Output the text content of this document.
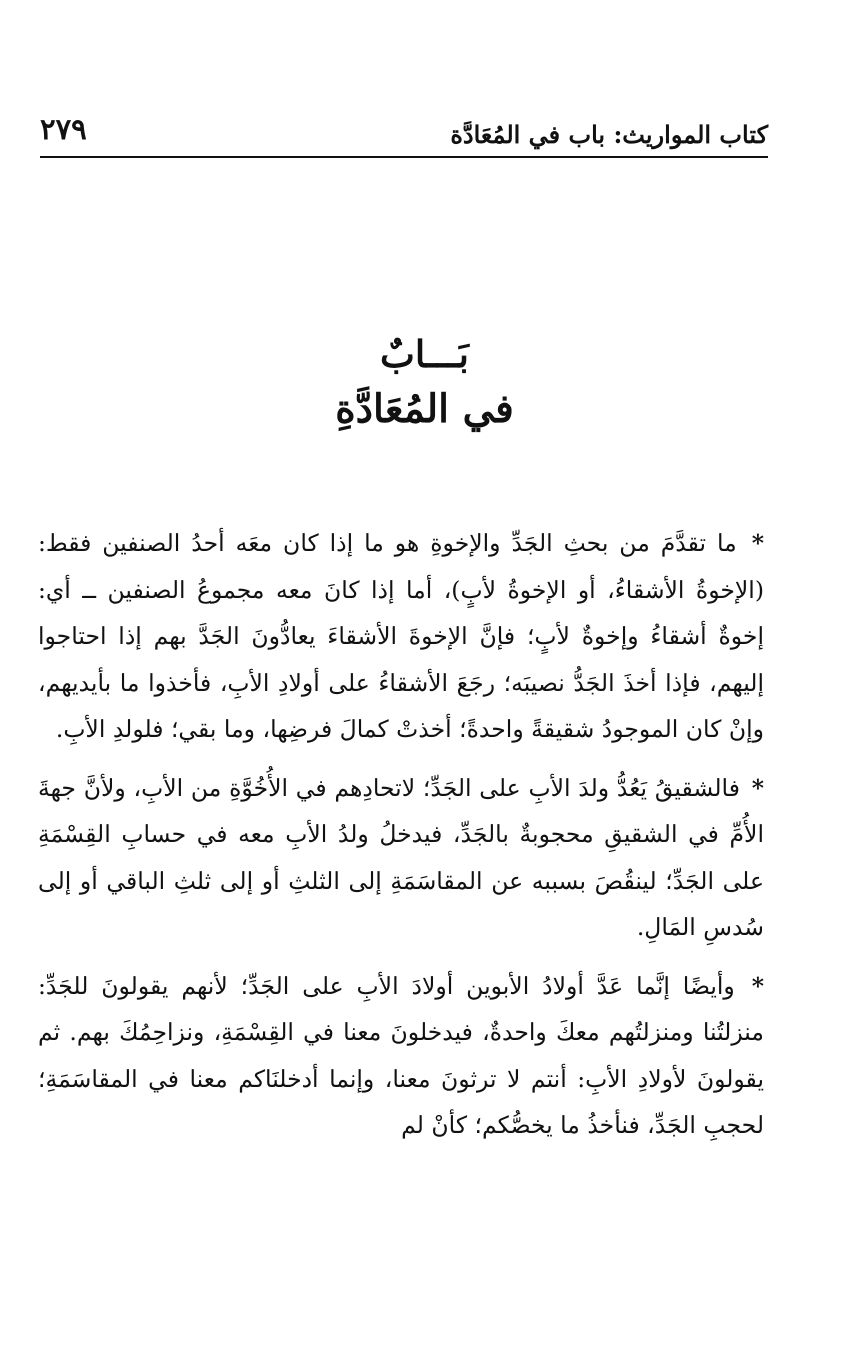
كتاب المواريث: باب في المُعَادَّة
٢٧٩
بَـــابٌ
في المُعَادَّةِ

* ما تقدَّمَ من بحثِ الجَدِّ والإخوةِ هو ما إذا كان معَه أحدُ الصنفين فقط: (الإخوةُ الأشقاءُ، أو الإخوةُ لأبٍ)، أما إذا كانَ معه مجموعُ الصنفين ــ أي: إخوةٌ أشقاءُ وإخوةٌ لأبٍ؛ فإنَّ الإخوةَ الأشقاءَ يعادُّونَ الجَدَّ بهم إذا احتاجوا إليهم، فإذا أخذَ الجَدُّ نصيبَه؛ رجَعَ الأشقاءُ على أولادِ الأبِ، فأخذوا ما بأيديهم، وإنْ كان الموجودُ شقيقةً واحدةً؛ أخذتْ كمالَ فرضِها، وما بقي؛ فلولدِ الأبِ.

* فالشقيقُ يَعُدُّ ولدَ الأبِ على الجَدِّ؛ لاتحادِهم في الأُخُوَّةِ من الأبِ، ولأنَّ جهةَ الأُمِّ في الشقيقِ محجوبةٌ بالجَدِّ، فيدخلُ ولدُ الأبِ معه في حسابِ القِسْمَةِ على الجَدِّ؛ لينقُصَ بسببه عن المقاسَمَةِ إلى الثلثِ أو إلى ثلثِ الباقي أو إلى سُدسِ المَالِ.

* وأيضًا إنَّما عَدَّ أولادُ الأبوين أولادَ الأبِ على الجَدِّ؛ لأنهم يقولونَ للجَدِّ: منزلتُنا ومنزلتُهم معكَ واحدةٌ، فيدخلونَ معنا في القِسْمَةِ، ونزاحِمُكَ بهم. ثم يقولونَ لأولادِ الأبِ: أنتم لا ترثونَ معنا، وإنما أدخلنَاكم معنا في المقاسَمَةِ؛ لحجبِ الجَدِّ، فنأخذُ ما يخصُّكم؛ كأنْ لم
